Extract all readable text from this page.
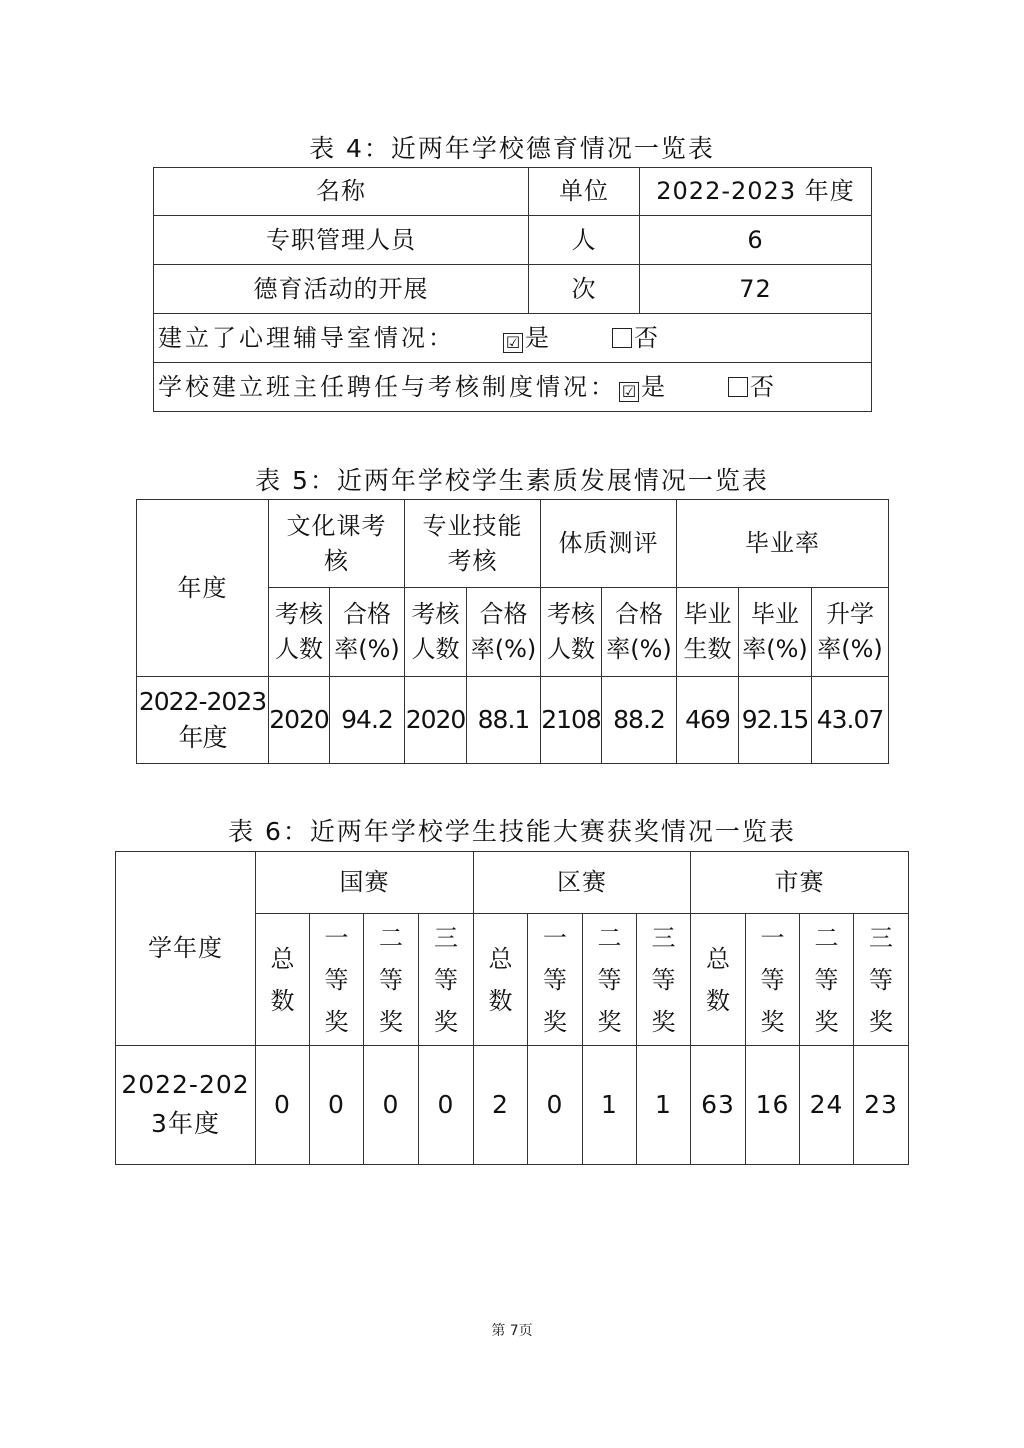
表 4：近两年学校德育情况一览表
名称	单位	2022-2023 年度
专职管理人员	人	6
德育活动的开展	次	72
建立了心理辅导室情况： ☑ 是 否		
学校建立班主任聘任与考核制度情况： ☑ 是 否		
表 5：近两年学校学生素质发展情况一览表
年度	文化课考核		专业技能考核		体质测评		毕业率		
	考核人数	合格率(%)	考核人数	合格率(%)	考核人数	合格率(%)	毕业生数	毕业率(%)	升学率(%)
2022-2023年度	2020	94.2	2020	88.1	2108	88.2	469	92.15	43.07
表 6：近两年学校学生技能大赛获奖情况一览表
学年度	国赛				区赛				市赛			
	总数	一等奖	二等奖	三等奖	总数	一等奖	二等奖	三等奖	总数	一等奖	二等奖	三等奖
2022-2023年度	0	0	0	0	2	0	1	1	63	16	24	23
第 7页
